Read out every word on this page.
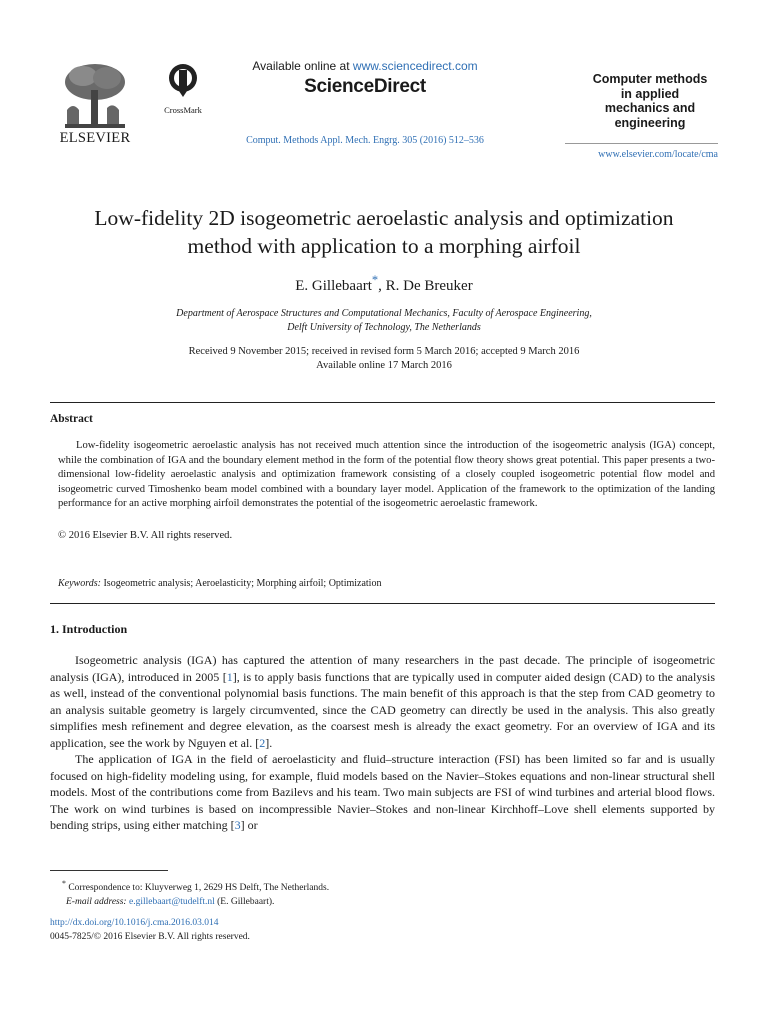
ELSEVIER
CrossMark
Available online at www.sciencedirect.com
ScienceDirect
Comput. Methods Appl. Mech. Engrg. 305 (2016) 512–536
Computer methods
in applied
mechanics and
engineering
www.elsevier.com/locate/cma
Low-fidelity 2D isogeometric aeroelastic analysis and optimization
method with application to a morphing airfoil
E. Gillebaart*, R. De Breuker
Department of Aerospace Structures and Computational Mechanics, Faculty of Aerospace Engineering,
Delft University of Technology, The Netherlands
Received 9 November 2015; received in revised form 5 March 2016; accepted 9 March 2016
Available online 17 March 2016
Abstract
Low-fidelity isogeometric aeroelastic analysis has not received much attention since the introduction of the isogeometric analysis (IGA) concept, while the combination of IGA and the boundary element method in the form of the potential flow theory shows great potential. This paper presents a two-dimensional low-fidelity aeroelastic analysis and optimization framework consisting of a closely coupled isogeometric potential flow model and isogeometric curved Timoshenko beam model combined with a boundary layer model. Application of the framework to the optimization of the landing performance for an active morphing airfoil demonstrates the potential of the isogeometric aeroelastic framework.
© 2016 Elsevier B.V. All rights reserved.
Keywords: Isogeometric analysis; Aeroelasticity; Morphing airfoil; Optimization
1. Introduction

Isogeometric analysis (IGA) has captured the attention of many researchers in the past decade. The principle of isogeometric analysis (IGA), introduced in 2005 [1], is to apply basis functions that are typically used in computer aided design (CAD) to the analysis as well, instead of the conventional polynomial basis functions. The main benefit of this approach is that the step from CAD geometry to an analysis suitable geometry is largely circumvented, since the CAD geometry can directly be used in the analysis. This also greatly simplifies mesh refinement and degree elevation, as the coarsest mesh is already the exact geometry. For an overview of IGA and its application, see the work by Nguyen et al. [2].

The application of IGA in the field of aeroelasticity and fluid–structure interaction (FSI) has been limited so far and is usually focused on high-fidelity modeling using, for example, fluid models based on the Navier–Stokes equations and non-linear structural shell models. Most of the contributions come from Bazilevs and his team. Two main subjects are FSI of wind turbines and arterial blood flows. The work on wind turbines is based on incompressible Navier–Stokes and non-linear Kirchhoff–Love shell elements supported by bending strips, using either matching [3] or

* Correspondence to: Kluyverweg 1, 2629 HS Delft, The Netherlands.
E-mail address: e.gillebaart@tudelft.nl (E. Gillebaart).
http://dx.doi.org/10.1016/j.cma.2016.03.014
0045-7825/© 2016 Elsevier B.V. All rights reserved.
